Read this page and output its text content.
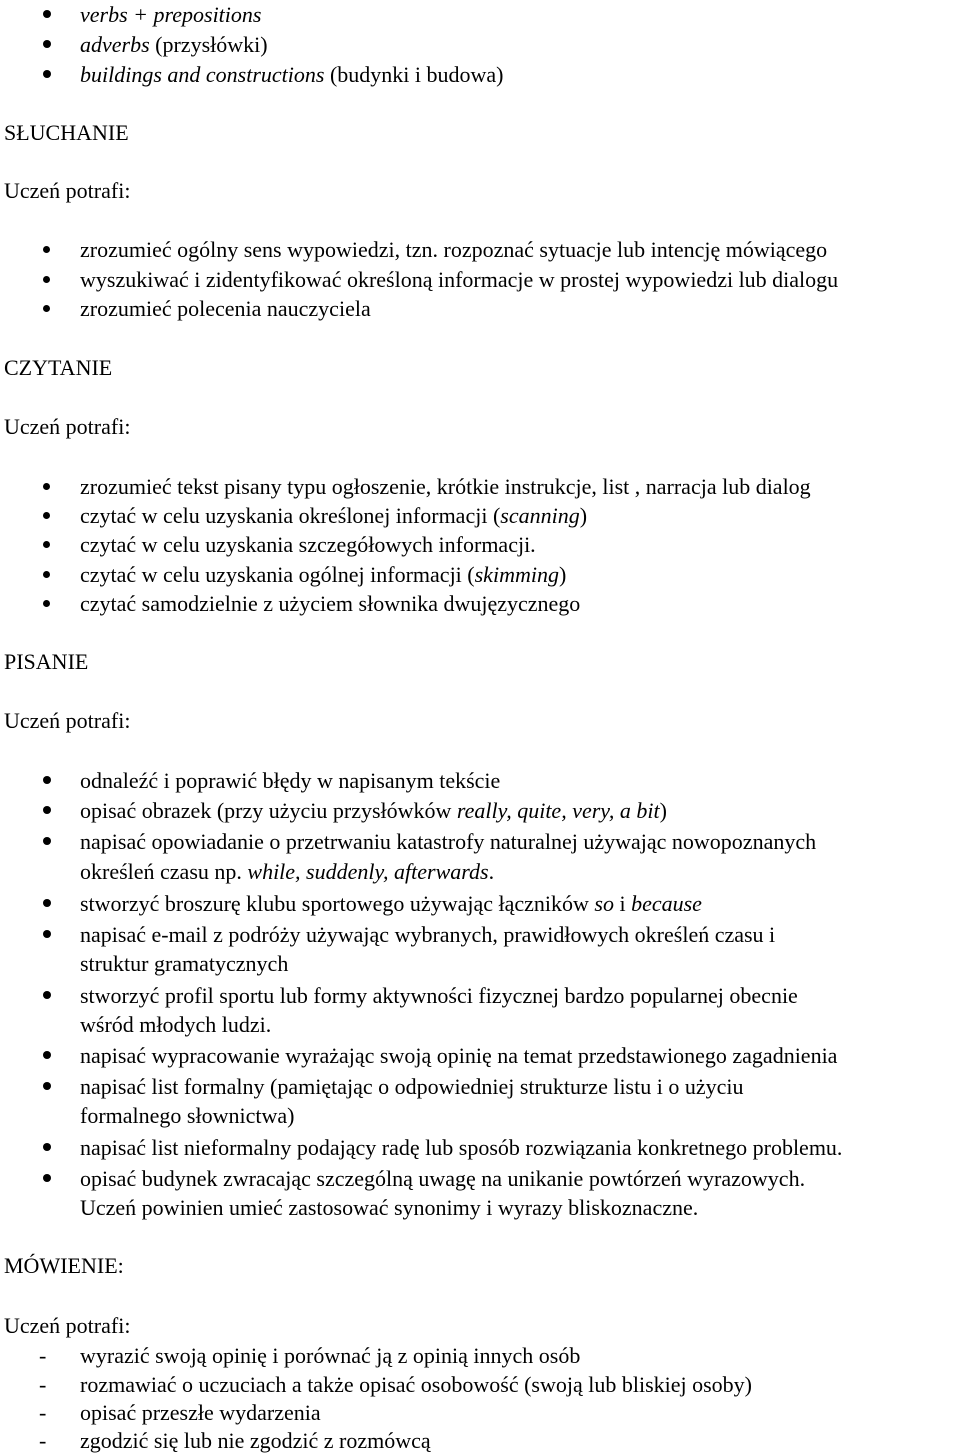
verbs + prepositions
adverbs (przysłówki)
buildings and constructions (budynki i budowa)
SŁUCHANIE
Uczeń potrafi:
zrozumieć ogólny sens wypowiedzi, tzn. rozpoznać sytuacje lub intencję mówiącego
wyszukiwać i zidentyfikować określoną informacje w prostej wypowiedzi lub dialogu
zrozumieć polecenia nauczyciela
CZYTANIE
Uczeń potrafi:
zrozumieć tekst pisany typu ogłoszenie, krótkie instrukcje, list , narracja lub dialog
czytać w celu uzyskania określonej informacji (scanning)
czytać w celu uzyskania szczegółowych informacji.
czytać w celu uzyskania ogólnej informacji (skimming)
czytać samodzielnie z użyciem słownika dwujęzycznego
PISANIE
Uczeń potrafi:
odnaleźć i poprawić błędy w napisanym tekście
opisać obrazek (przy użyciu przysłówków really, quite, very, a bit)
napisać opowiadanie o przetrwaniu katastrofy naturalnej używając nowopoznanych
określeń czasu np. while, suddenly, afterwards.
stworzyć broszurę klubu sportowego używając łączników so i because
napisać e-mail z podróży używając wybranych, prawidłowych określeń czasu i
struktur gramatycznych
stworzyć profil sportu lub formy aktywności fizycznej bardzo popularnej obecnie
wśród młodych ludzi.
napisać wypracowanie wyrażając swoją opinię na temat przedstawionego zagadnienia
napisać list formalny (pamiętając o odpowiedniej strukturze listu i o użyciu
formalnego słownictwa)
napisać list nieformalny podający radę lub sposób rozwiązania konkretnego problemu.
opisać budynek zwracając szczególną uwagę na unikanie powtórzeń wyrazowych.
Uczeń powinien umieć zastosować synonimy i wyrazy bliskoznaczne.
MÓWIENIE:
Uczeń potrafi:
- wyrazić swoją opinię i porównać ją z opinią innych osób
- rozmawiać o uczuciach a także opisać osobowość (swoją lub bliskiej osoby)
- opisać przeszłe wydarzenia
- zgodzić się lub nie zgodzić z rozmówcą
